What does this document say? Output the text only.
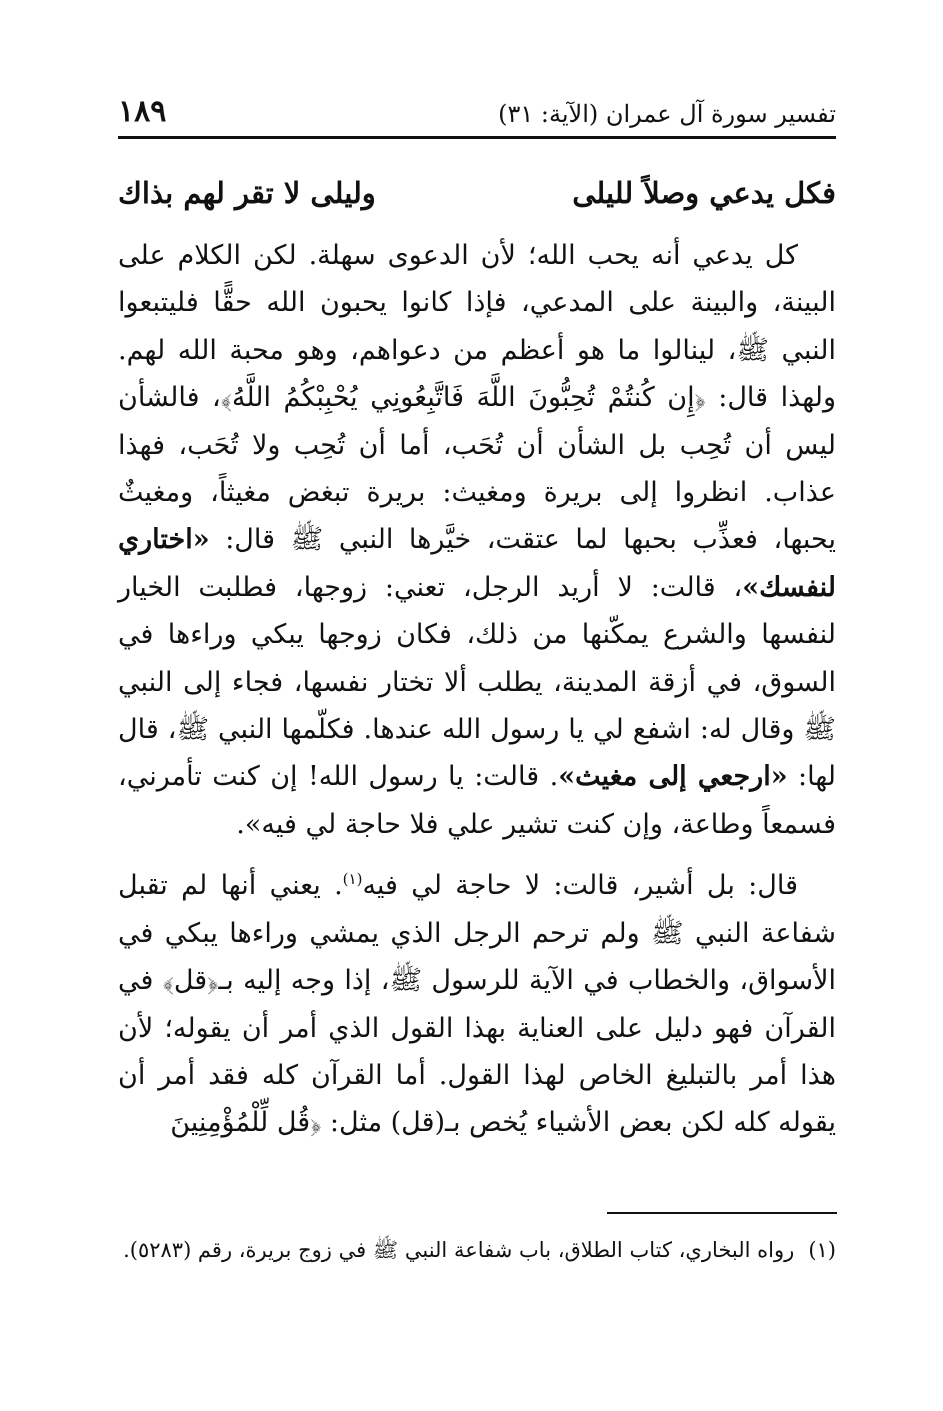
تفسير سورة آل عمران (الآية: ٣١)
١٨٩
فكل يدعي وصلاً لليلى
وليلى لا تقر لهم بذاك

كل يدعي أنه يحب الله؛ لأن الدعوى سهلة. لكن الكلام على البينة، والبينة على المدعي، فإذا كانوا يحبون الله حقًّا فليتبعوا النبي ﷺ، لينالوا ما هو أعظم من دعواهم، وهو محبة الله لهم. ولهذا قال: ﴿إِن كُنتُمْ تُحِبُّونَ اللَّهَ فَاتَّبِعُونِي يُحْبِبْكُمُ اللَّهُ﴾، فالشأن ليس أن تُحِب بل الشأن أن تُحَب، أما أن تُحِب ولا تُحَب، فهذا عذاب. انظروا إلى بريرة ومغيث: بريرة تبغض مغيثاً، ومغيثٌ يحبها، فعذِّب بحبها لما عتقت، خيَّرها النبي ﷺ قال: «اختاري لنفسك»، قالت: لا أريد الرجل، تعني: زوجها، فطلبت الخيار لنفسها والشرع يمكّنها من ذلك، فكان زوجها يبكي وراءها في السوق، في أزقة المدينة، يطلب ألا تختار نفسها، فجاء إلى النبي ﷺ وقال له: اشفع لي يا رسول الله عندها. فكلّمها النبي ﷺ، قال لها: «ارجعي إلى مغيث». قالت: يا رسول الله! إن كنت تأمرني، فسمعاً وطاعة، وإن كنت تشير علي فلا حاجة لي فيه».

قال: بل أشير، قالت: لا حاجة لي فيه$^{(١)}$. يعني أنها لم تقبل شفاعة النبي ﷺ ولم ترحم الرجل الذي يمشي وراءها يبكي في الأسواق، والخطاب في الآية للرسول ﷺ، إذا وجه إليه بـ﴿قل﴾ في القرآن فهو دليل على العناية بهذا القول الذي أمر أن يقوله؛ لأن هذا أمر بالتبليغ الخاص لهذا القول. أما القرآن كله فقد أمر أن يقوله كله لكن بعض الأشياء يُخص بـ(قل) مثل: ﴿قُل لِّلْمُؤْمِنِينَ

(١)رواه البخاري، كتاب الطلاق، باب شفاعة النبي ﷺ في زوج بريرة، رقم (٥٢٨٣).
